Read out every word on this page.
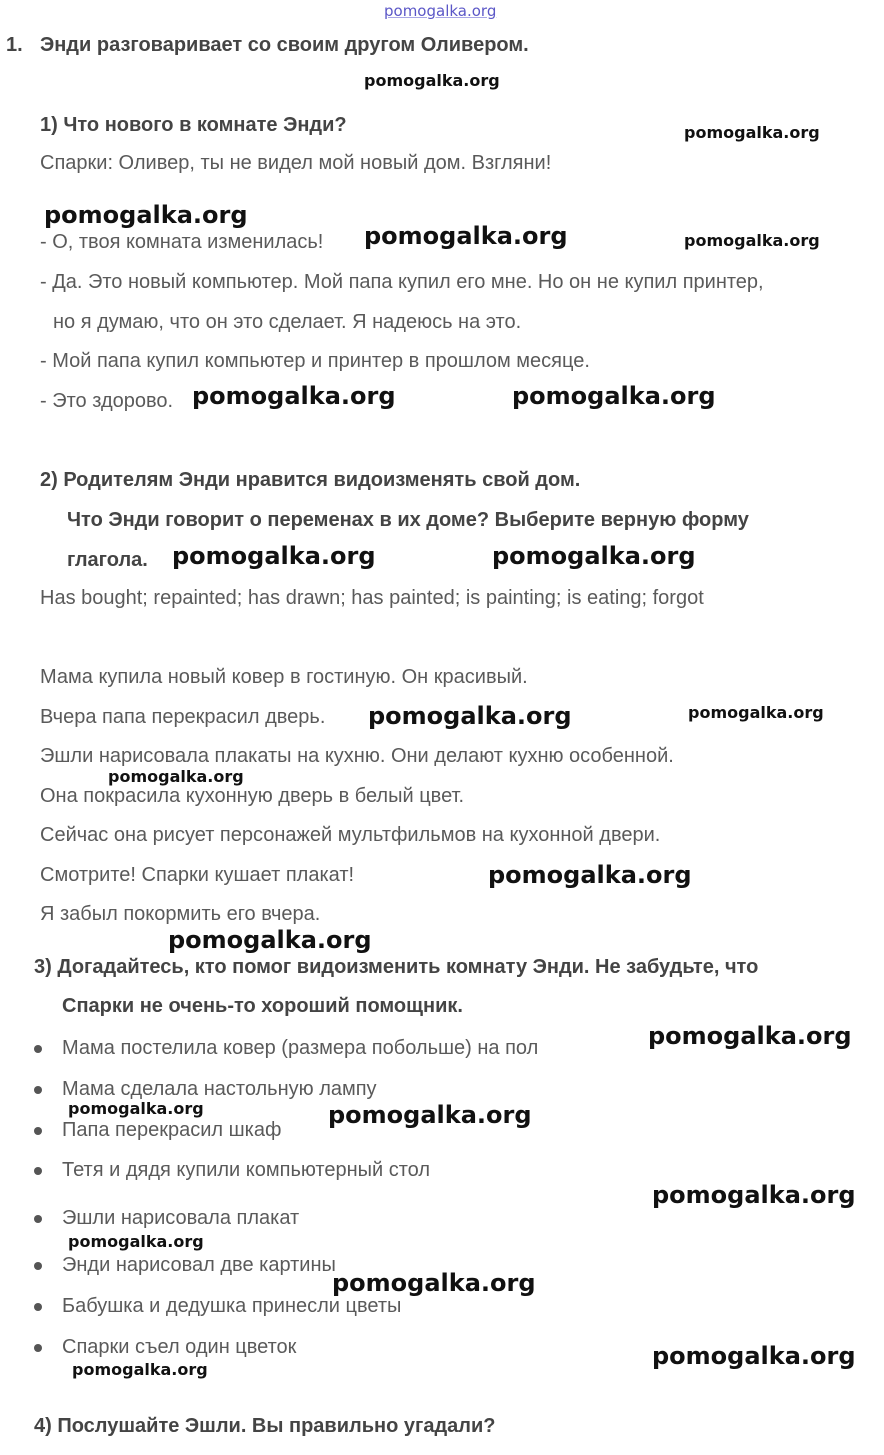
pomogalka.org
1. Энди разговаривает со своим другом Оливером.
1) Что нового в комнате Энди?
Спарки: Оливер, ты не видел мой новый дом. Взгляни!
- О, твоя комната изменилась!
- Да. Это новый компьютер. Мой папа купил его мне. Но он не купил принтер,
но я думаю, что он это сделает. Я надеюсь на это.
- Мой папа купил компьютер и принтер в прошлом месяце.
- Это здорово.
2) Родителям Энди нравится видоизменять свой дом.
Что Энди говорит о переменах в их доме? Выберите верную форму
глагола.
Has bought; repainted; has drawn; has painted; is painting; is eating; forgot
Мама купила новый ковер в гостиную. Он красивый.
Вчера папа перекрасил дверь.
Эшли нарисовала плакаты на кухню. Они делают кухню особенной.
Она покрасила кухонную дверь в белый цвет.
Сейчас она рисует персонажей мультфильмов на кухонной двери.
Смотрите! Спарки кушает плакат!
Я забыл покормить его вчера.
3) Догадайтесь, кто помог видоизменить комнату Энди. Не забудьте, что
Спарки не очень-то хороший помощник.
Мама постелила ковер (размера побольше) на пол
Мама сделала настольную лампу
Папа перекрасил шкаф
Тетя и дядя купили компьютерный стол
Эшли нарисовала плакат
Энди нарисовал две картины
Бабушка и дедушка принесли цветы
Спарки съел один цветок
4) Послушайте Эшли. Вы правильно угадали?
pomogalka.org
pomogalka.org
pomogalka.org
pomogalka.org	pomogalka.org
pomogalka.org	pomogalka.org
pomogalka.org	pomogalka.org
pomogalka.org	pomogalka.org
pomogalka.org
pomogalka.org
pomogalka.org
pomogalka.org
pomogalka.org	pomogalka.org
pomogalka.org
pomogalka.org
pomogalka.org
pomogalka.org	pomogalka.org
